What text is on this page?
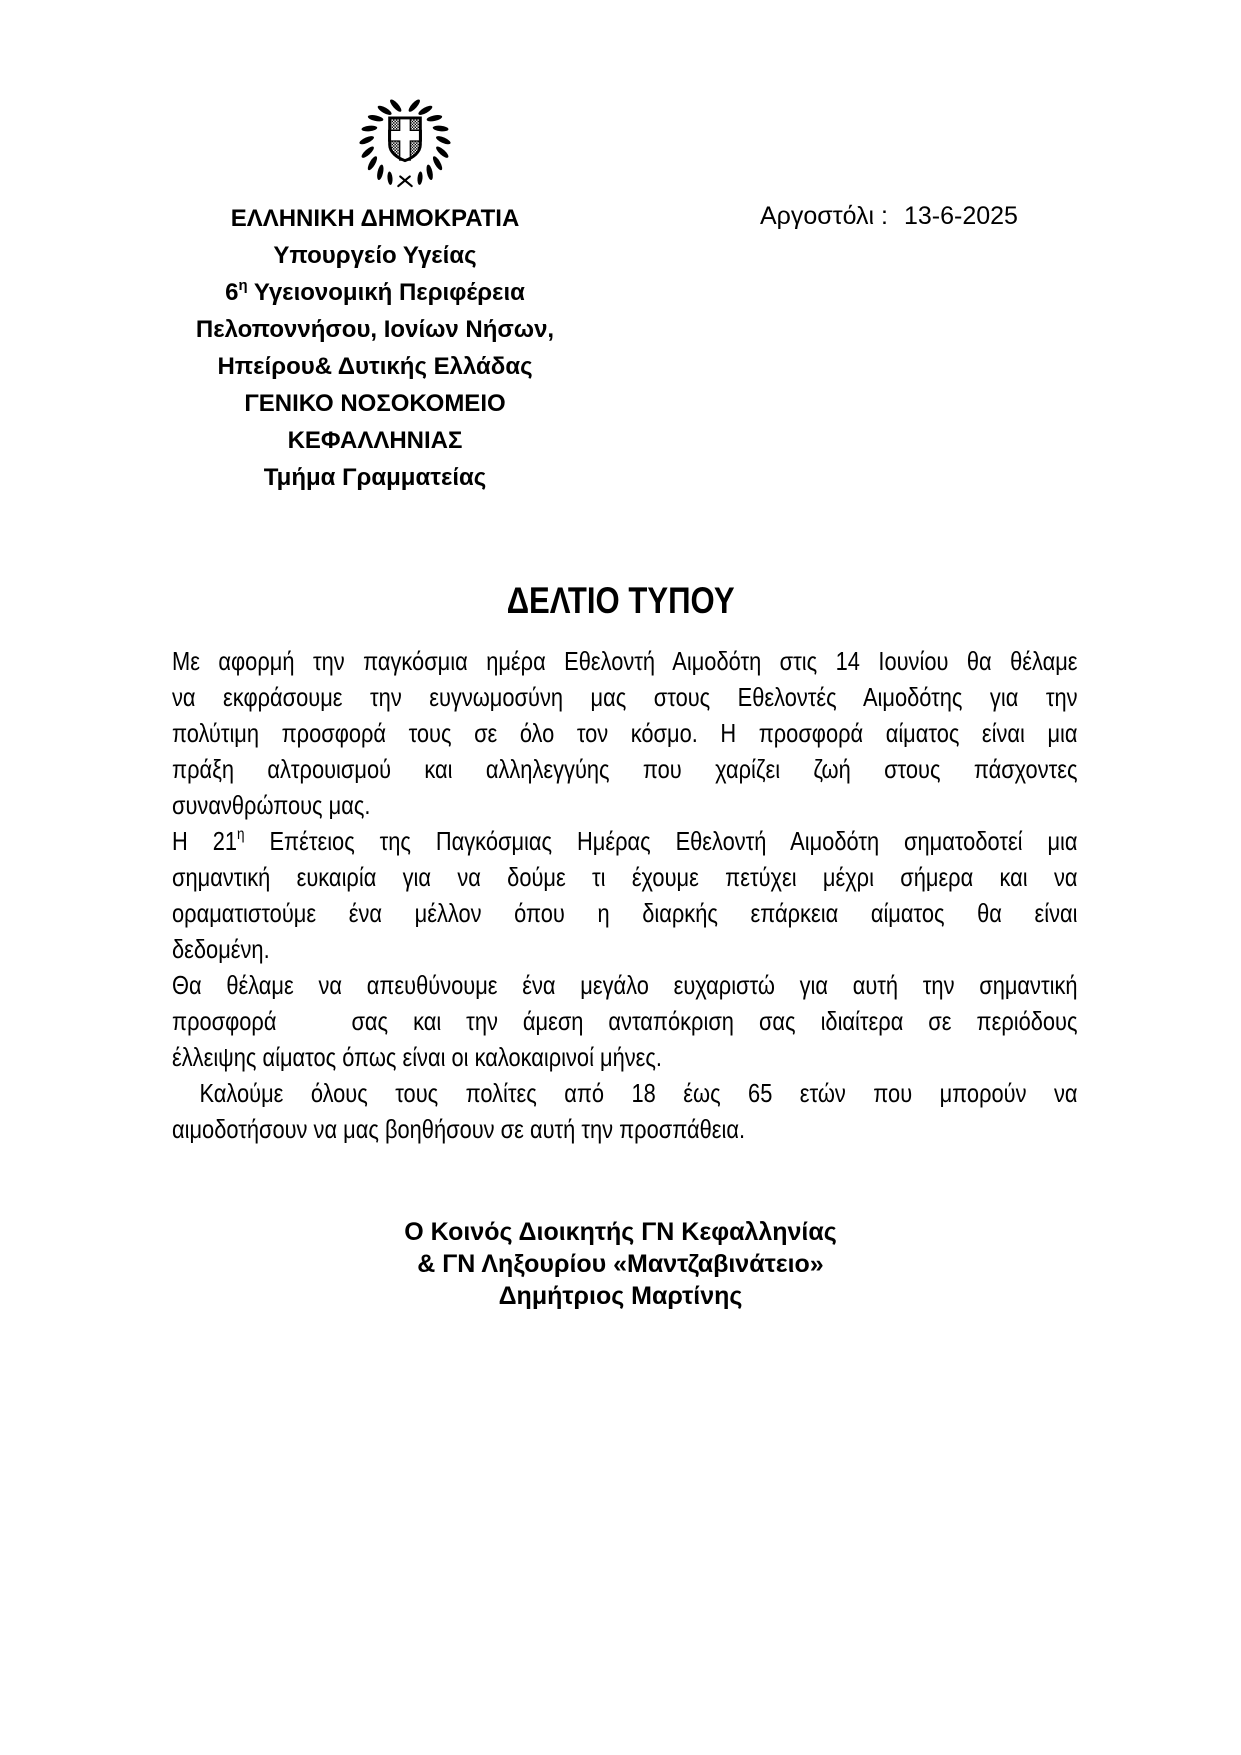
ΕΛΛΗΝΙΚΗ ΔΗΜΟΚΡΑΤΙΑ
Υπουργείο Υγείας
$6^\eta$ Υγειονομική Περιφέρεια
Πελοποννήσου, Ιονίων Νήσων,
Ηπείρου& Δυτικής Ελλάδας
ΓΕΝΙΚΟ ΝΟΣΟΚΟΜΕΙΟ
ΚΕΦΑΛΛΗΝΙΑΣ
Τμήμα Γραμματείας
Αργοστόλι : 13-6-2025
ΔΕΛΤΙΟ ΤΥΠΟΥ
Με αφορμή την παγκόσμια ημέρα Εθελοντή Αιμοδότη στις 14 Ιουνίου θα θέλαμε
να εκφράσουμε την ευγνωμοσύνη μας στους Εθελοντές Αιμοδότης για την
πολύτιμη προσφορά τους σε όλο τον κόσμο. Η προσφορά αίματος είναι μια
πράξη αλτρουισμού και αλληλεγγύης που χαρίζει ζωή στους πάσχοντες
συνανθρώπους μας.
Η $21^\eta$ Επέτειος της Παγκόσμιας Ημέρας Εθελοντή Αιμοδότη σηματοδοτεί μια
σημαντική ευκαιρία για να δούμε τι έχουμε πετύχει μέχρι σήμερα και να
οραματιστούμε ένα μέλλον όπου η διαρκής επάρκεια αίματος θα είναι
δεδομένη.
Θα θέλαμε να απευθύνουμε ένα μεγάλο ευχαριστώ για αυτή την σημαντική
προσφορά   σας και την άμεση ανταπόκριση σας ιδιαίτερα σε περιόδους
έλλειψης αίματος όπως είναι οι καλοκαιρινοί μήνες.
Καλούμε όλους τους πολίτες από 18 έως 65 ετών που μπορούν να
αιμοδοτήσουν να μας βοηθήσουν σε αυτή την προσπάθεια.
Ο Κοινός Διοικητής ΓΝ Κεφαλληνίας
& ΓΝ Ληξουρίου «Μαντζαβινάτειο»
Δημήτριος Μαρτίνης
